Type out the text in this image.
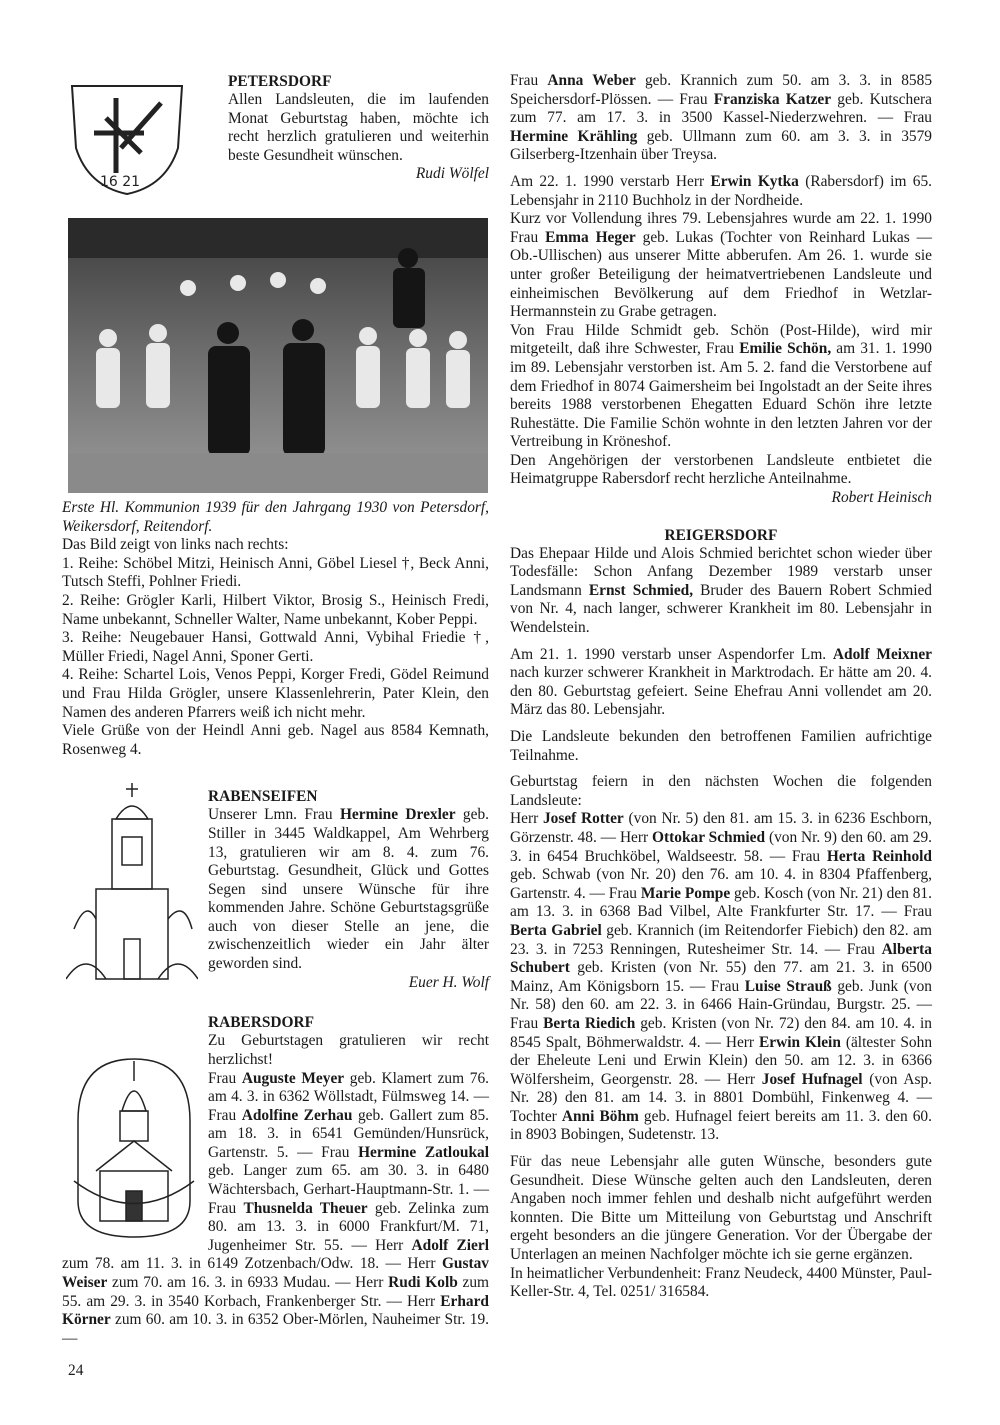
16 21
PETERSDORF

Allen Landsleuten, die im laufenden Monat Geburtstag haben, möchte ich recht herzlich gratulieren und weiterhin beste Gesundheit wünschen.

Rudi Wölfel

Erste Hl. Kommunion 1939 für den Jahrgang 1930 von Petersdorf, Weikersdorf, Reitendorf.

Das Bild zeigt von links nach rechts:

1. Reihe: Schöbel Mitzi, Heinisch Anni, Göbel Liesel †, Beck Anni, Tutsch Steffi, Pohlner Friedi.

2. Reihe: Grögler Karli, Hilbert Viktor, Brosig S., Heinisch Fredi, Name unbekannt, Schneller Walter, Name unbekannt, Kober Peppi.

3. Reihe: Neugebauer Hansi, Gottwald Anni, Vybihal Friedie †, Müller Friedi, Nagel Anni, Sponer Gerti.

4. Reihe: Schartel Lois, Venos Peppi, Korger Fredi, Gödel Reimund und Frau Hilda Grögler, unsere Klassenlehrerin, Pater Klein, den Namen des anderen Pfarrers weiß ich nicht mehr.

Viele Grüße von der Heindl Anni geb. Nagel aus 8584 Kemnath, Rosenweg 4.

RABENSEIFEN

Unserer Lmn. Frau Hermine Drexler geb. Stiller in 3445 Waldkappel, Am Wehrberg 13, gratulieren wir am 8. 4. zum 76. Geburtstag. Gesundheit, Glück und Gottes Segen sind unsere Wünsche für ihre kommenden Jahre. Schöne Geburtstagsgrüße auch von dieser Stelle an jene, die zwischenzeitlich wieder ein Jahr älter geworden sind.

Euer H. Wolf

RABERSDORF

Zu Geburtstagen gratulieren wir recht herzlichst!

Frau Auguste Meyer geb. Klamert zum 76. am 4. 3. in 6362 Wöllstadt, Fülmsweg 14. — Frau Adolfine Zerhau geb. Gallert zum 85. am 18. 3. in 6541 Gemünden/Hunsrück, Gartenstr. 5. — Frau Hermine Zatloukal geb. Langer zum 65. am 30. 3. in 6480 Wächtersbach, Gerhart-Hauptmann-Str. 1. — Frau Thusnelda Theuer geb. Zelinka zum 80. am 13. 3. in 6000 Frankfurt/M. 71, Jugenheimer Str. 55. — Herr Adolf Zierl zum 78. am 11. 3. in 6149 Zotzenbach/Odw. 18. — Herr Gustav Weiser zum 70. am 16. 3. in 6933 Mudau. — Herr Rudi Kolb zum 55. am 29. 3. in 3540 Korbach, Frankenberger Str. — Herr Erhard Körner zum 60. am 10. 3. in 6352 Ober-Mörlen, Nauheimer Str. 19. —

Frau Anna Weber geb. Krannich zum 50. am 3. 3. in 8585 Speichersdorf-Plössen. — Frau Franziska Katzer geb. Kutschera zum 77. am 17. 3. in 3500 Kassel-Niederzwehren. — Frau Hermine Krähling geb. Ullmann zum 60. am 3. 3. in 3579 Gilserberg-Itzenhain über Treysa.

Am 22. 1. 1990 verstarb Herr Erwin Kytka (Rabersdorf) im 65. Lebensjahr in 2110 Buchholz in der Nordheide.

Kurz vor Vollendung ihres 79. Lebensjahres wurde am 22. 1. 1990 Frau Emma Heger geb. Lukas (Tochter von Reinhard Lukas — Ob.-Ullischen) aus unserer Mitte abberufen. Am 26. 1. wurde sie unter großer Beteiligung der heimatvertriebenen Landsleute und einheimischen Bevölkerung auf dem Friedhof in Wetzlar-Hermannstein zu Grabe getragen.

Von Frau Hilde Schmidt geb. Schön (Post-Hilde), wird mir mitgeteilt, daß ihre Schwester, Frau Emilie Schön, am 31. 1. 1990 im 89. Lebensjahr verstorben ist. Am 5. 2. fand die Verstorbene auf dem Friedhof in 8074 Gaimersheim bei Ingolstadt an der Seite ihres bereits 1988 verstorbenen Ehegatten Eduard Schön ihre letzte Ruhestätte. Die Familie Schön wohnte in den letzten Jahren vor der Vertreibung in Kröneshof.

Den Angehörigen der verstorbenen Landsleute entbietet die Heimatgruppe Rabersdorf recht herzliche Anteilnahme.

Robert Heinisch

REIGERSDORF

Das Ehepaar Hilde und Alois Schmied berichtet schon wieder über Todesfälle: Schon Anfang Dezember 1989 verstarb unser Landsmann Ernst Schmied, Bruder des Bauern Robert Schmied von Nr. 4, nach langer, schwerer Krankheit im 80. Lebensjahr in Wendelstein.

Am 21. 1. 1990 verstarb unser Aspendorfer Lm. Adolf Meixner nach kurzer schwerer Krankheit in Marktrodach. Er hätte am 20. 4. den 80. Geburtstag gefeiert. Seine Ehefrau Anni vollendet am 20. März das 80. Lebensjahr.

Die Landsleute bekunden den betroffenen Familien aufrichtige Teilnahme.

Geburtstag feiern in den nächsten Wochen die folgenden Landsleute:
Herr Josef Rotter (von Nr. 5) den 81. am 15. 3. in 6236 Eschborn, Görzenstr. 48. — Herr Ottokar Schmied (von Nr. 9) den 60. am 29. 3. in 6454 Bruchköbel, Waldseestr. 58. — Frau Herta Reinhold geb. Schwab (von Nr. 20) den 76. am 10. 4. in 8304 Pfaffenberg, Gartenstr. 4. — Frau Marie Pompe geb. Kosch (von Nr. 21) den 81. am 13. 3. in 6368 Bad Vilbel, Alte Frankfurter Str. 17. — Frau Berta Gabriel geb. Krannich (im Reitendorfer Fiebich) den 82. am 23. 3. in 7253 Renningen, Rutesheimer Str. 14. — Frau Alberta Schubert geb. Kristen (von Nr. 55) den 77. am 21. 3. in 6500 Mainz, Am Königsborn 15. — Frau Luise Strauß geb. Junk (von Nr. 58) den 60. am 22. 3. in 6466 Hain-Gründau, Burgstr. 25. — Frau Berta Riedich geb. Kristen (von Nr. 72) den 84. am 10. 4. in 8545 Spalt, Böhmerwaldstr. 4. — Herr Erwin Klein (ältester Sohn der Eheleute Leni und Erwin Klein) den 50. am 12. 3. in 6366 Wölfersheim, Georgenstr. 28. — Herr Josef Hufnagel (von Asp. Nr. 28) den 81. am 14. 3. in 8801 Dombühl, Finkenweg 4. — Tochter Anni Böhm geb. Hufnagel feiert bereits am 11. 3. den 60. in 8903 Bobingen, Sudetenstr. 13.

Für das neue Lebensjahr alle guten Wünsche, besonders gute Gesundheit. Diese Wünsche gelten auch den Landsleuten, deren Angaben noch immer fehlen und deshalb nicht aufgeführt werden konnten. Die Bitte um Mitteilung von Geburtstag und Anschrift ergeht besonders an die jüngere Generation. Vor der Übergabe der Unterlagen an meinen Nachfolger möchte ich sie gerne ergänzen.

In heimatlicher Verbundenheit: Franz Neudeck, 4400 Münster, Paul-Keller-Str. 4, Tel. 0251/ 316584.

24
